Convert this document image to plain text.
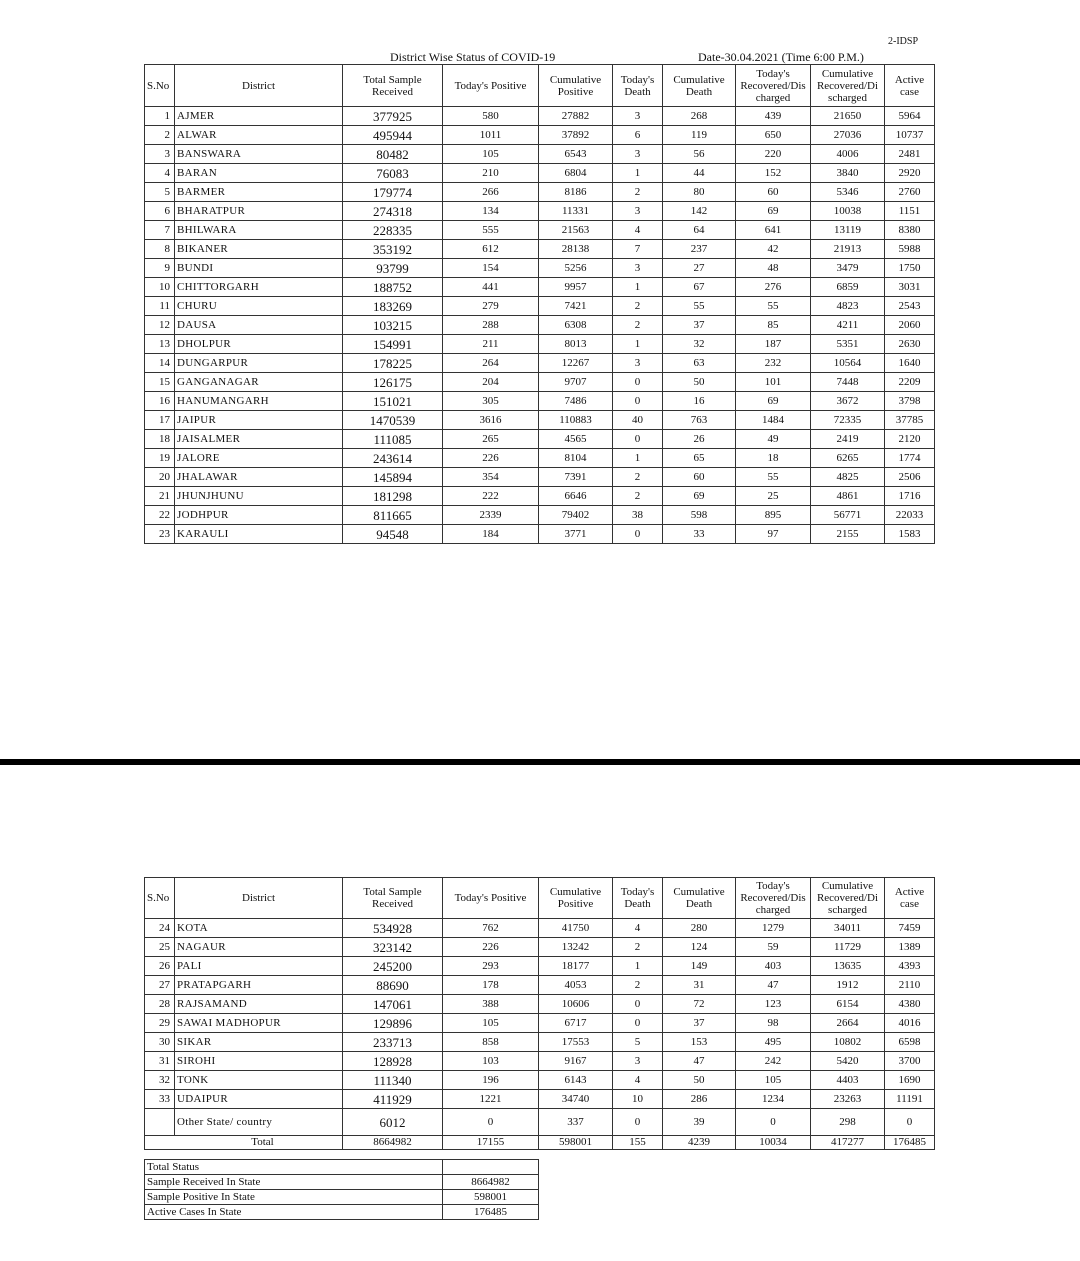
2-IDSP
District Wise Status of COVID-19	Date-30.04.2021 (Time 6:00 P.M.)
S.No	District	Total Sample Received	Today's Positive	Cumulative Positive	Today's Death	Cumulative Death	Today's Recovered/Dis charged	Cumulative Recovered/Di scharged	Active case
1	AJMER	377925	580	27882	3	268	439	21650	5964
2	ALWAR	495944	1011	37892	6	119	650	27036	10737
3	BANSWARA	80482	105	6543	3	56	220	4006	2481
4	BARAN	76083	210	6804	1	44	152	3840	2920
5	BARMER	179774	266	8186	2	80	60	5346	2760
6	BHARATPUR	274318	134	11331	3	142	69	10038	1151
7	BHILWARA	228335	555	21563	4	64	641	13119	8380
8	BIKANER	353192	612	28138	7	237	42	21913	5988
9	BUNDI	93799	154	5256	3	27	48	3479	1750
10	CHITTORGARH	188752	441	9957	1	67	276	6859	3031
11	CHURU	183269	279	7421	2	55	55	4823	2543
12	DAUSA	103215	288	6308	2	37	85	4211	2060
13	DHOLPUR	154991	211	8013	1	32	187	5351	2630
14	DUNGARPUR	178225	264	12267	3	63	232	10564	1640
15	GANGANAGAR	126175	204	9707	0	50	101	7448	2209
16	HANUMANGARH	151021	305	7486	0	16	69	3672	3798
17	JAIPUR	1470539	3616	110883	40	763	1484	72335	37785
18	JAISALMER	111085	265	4565	0	26	49	2419	2120
19	JALORE	243614	226	8104	1	65	18	6265	1774
20	JHALAWAR	145894	354	7391	2	60	55	4825	2506
21	JHUNJHUNU	181298	222	6646	2	69	25	4861	1716
22	JODHPUR	811665	2339	79402	38	598	895	56771	22033
23	KARAULI	94548	184	3771	0	33	97	2155	1583
S.No	District	Total Sample Received	Today's Positive	Cumulative Positive	Today's Death	Cumulative Death	Today's Recovered/Dis charged	Cumulative Recovered/Di scharged	Active case
24	KOTA	534928	762	41750	4	280	1279	34011	7459
25	NAGAUR	323142	226	13242	2	124	59	11729	1389
26	PALI	245200	293	18177	1	149	403	13635	4393
27	PRATAPGARH	88690	178	4053	2	31	47	1912	2110
28	RAJSAMAND	147061	388	10606	0	72	123	6154	4380
29	SAWAI MADHOPUR	129896	105	6717	0	37	98	2664	4016
30	SIKAR	233713	858	17553	5	153	495	10802	6598
31	SIROHI	128928	103	9167	3	47	242	5420	3700
32	TONK	111340	196	6143	4	50	105	4403	1690
33	UDAIPUR	411929	1221	34740	10	286	1234	23263	11191
	Other State/ country	6012	0	337	0	39	0	298	0
Total		8664982	17155	598001	155	4239	10034	417277	176485
Total Status	
Sample Received In State	8664982
Sample Positive In State	598001
Active Cases In State	176485
